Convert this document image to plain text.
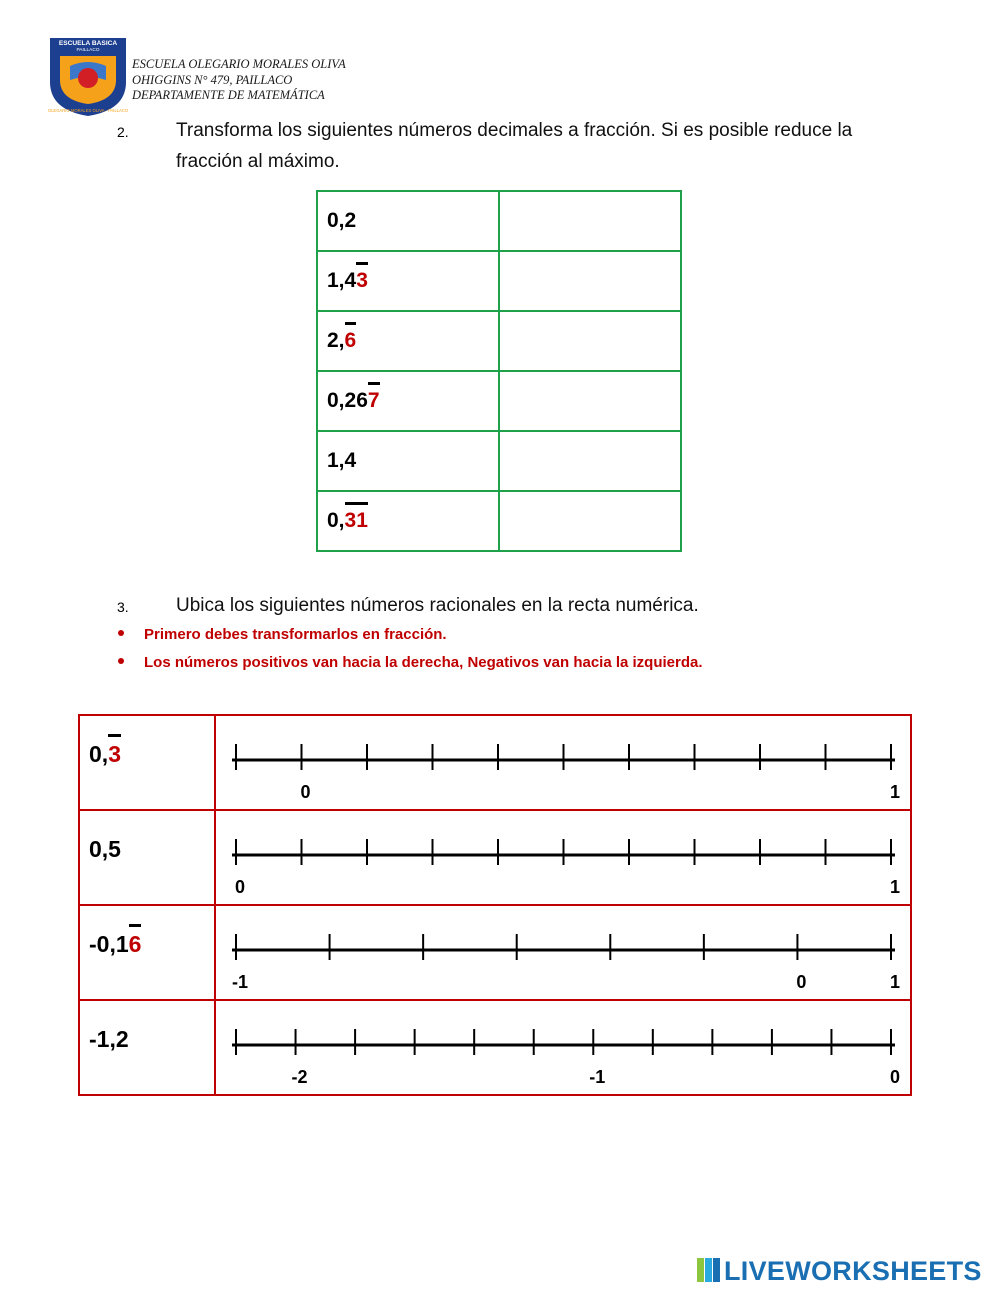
ESCUELA BASICA
PAILLACO
OLEGARIO MORALES OLIVA - PAILLACO
ESCUELA OLEGARIO MORALES OLIVA
OHIGGINS N° 479, PAILLACO
DEPARTAMENTE DE MATEMÁTICA
2. Transforma los siguientes números decimales a fracción. Si es posible reduce la
fracción al máximo.
0,2	
1,43	
2,6	
0,267	
1,4	
0,31	
3. Ubica los siguientes números racionales en la recta numérica.
Primero debes transformarlos en fracción.
Los números positivos van hacia la derecha, Negativos van hacia la izquierda.
0,3	0 1

0,5	0 1

-0,16	-1 0 1

-1,2	-2 -1 0
LIVEWORKSHEETS
